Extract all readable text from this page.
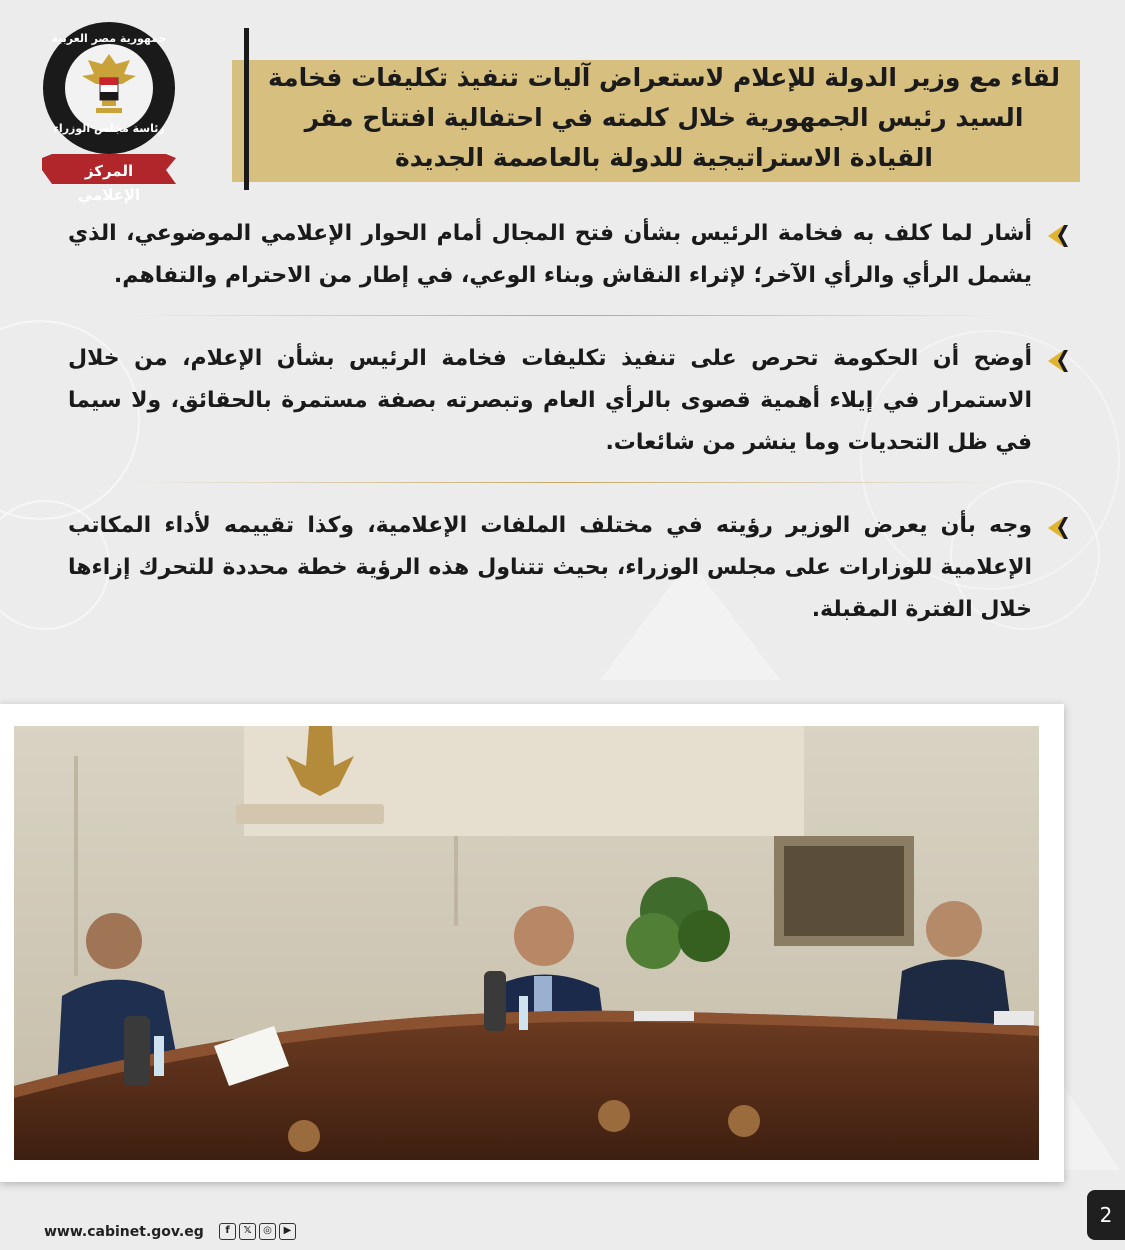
جمهورية مصر العربية
رئاسة مجلس الوزراء
المركز الإعلامي
لقاء مع وزير الدولة للإعلام لاستعراض آليات تنفيذ تكليفات فخامة السيد رئيس الجمهورية خلال كلمته في احتفالية افتتاح مقر القيادة الاستراتيجية للدولة بالعاصمة الجديدة

أشار لما كلف به فخامة الرئيس بشأن فتح المجال أمام الحوار الإعلامي الموضوعي، الذي يشمل الرأي والرأي الآخر؛ لإثراء النقاش وبناء الوعي، في إطار من الاحترام والتفاهم.

أوضح أن الحكومة تحرص على تنفيذ تكليفات فخامة الرئيس بشأن الإعلام، من خلال الاستمرار في إيلاء أهمية قصوى بالرأي العام وتبصرته بصفة مستمرة بالحقائق، ولا سيما في ظل التحديات وما ينشر من شائعات.

وجه بأن يعرض الوزير رؤيته في مختلف الملفات الإعلامية، وكذا تقييمه لأداء المكاتب الإعلامية للوزارات على مجلس الوزراء، بحيث تتناول هذه الرؤية خطة محددة للتحرك إزاءها خلال الفترة المقبلة.

www.cabinet.gov.eg	f	𝕏	◎	▶
2
